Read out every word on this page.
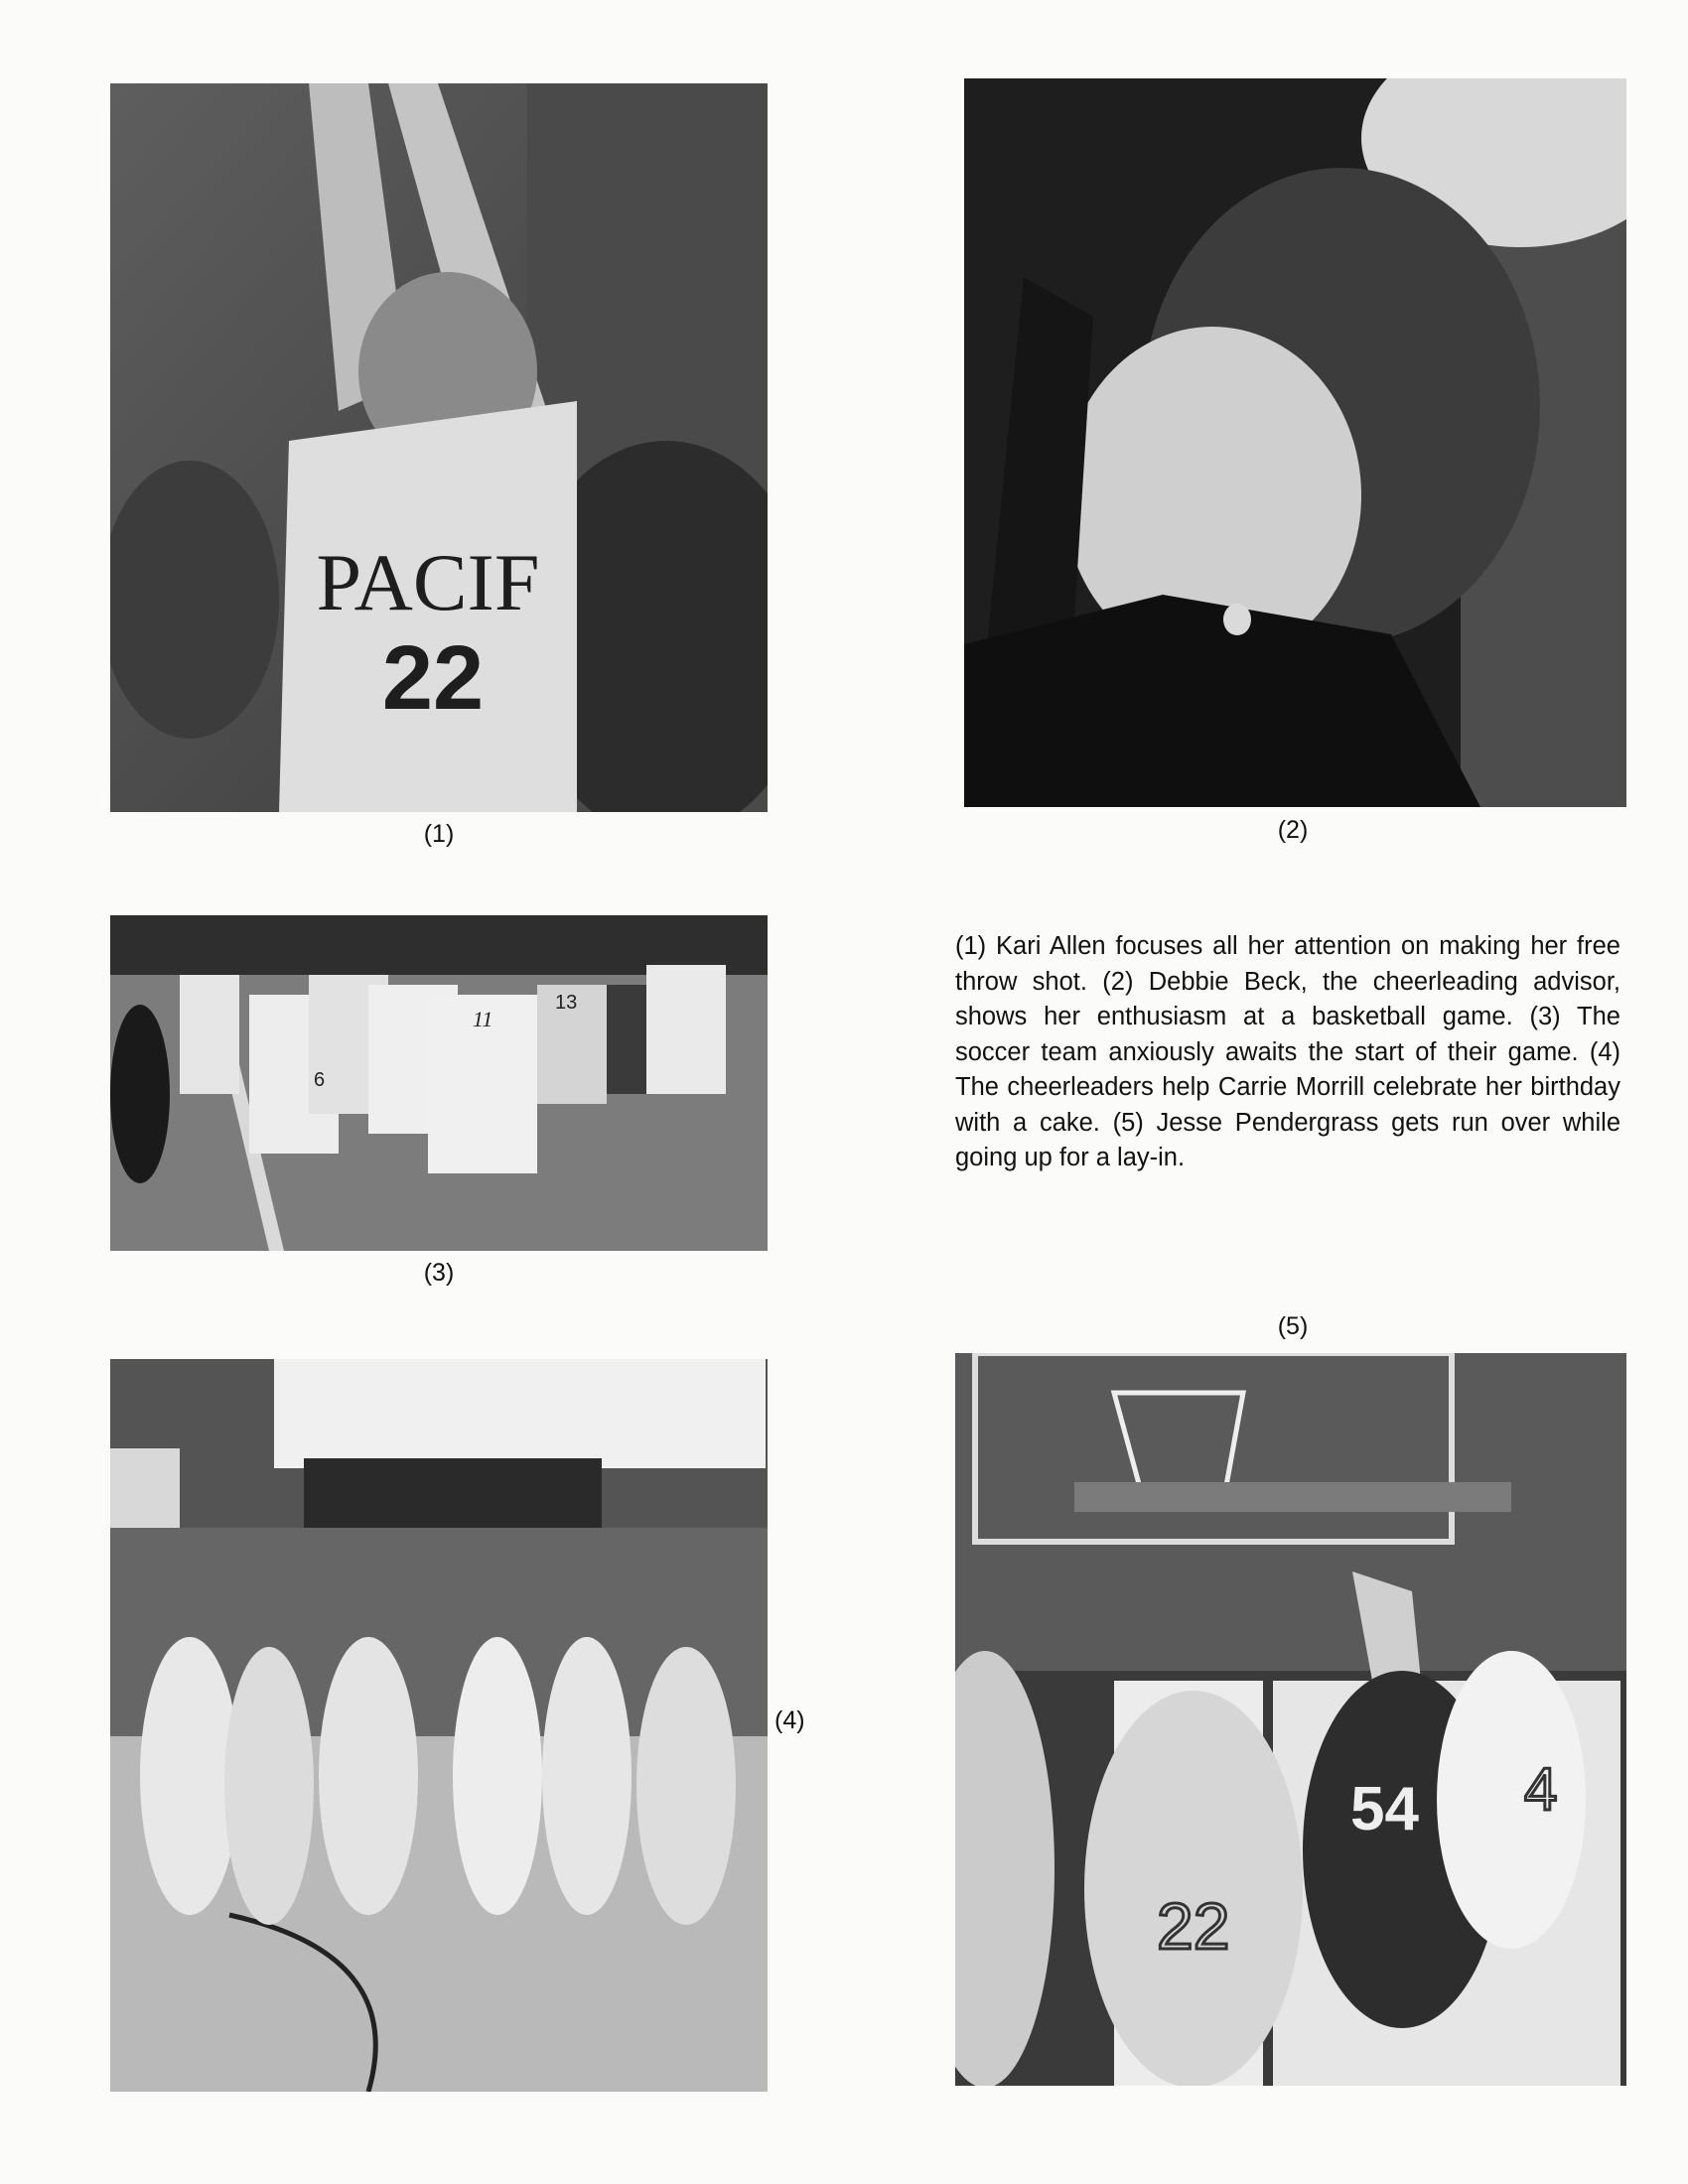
PACIF
22
(1)	(2)
6
11
13
(3)
(1) Kari Allen focuses all her attention on making her free throw shot. (2) Debbie Beck, the cheerleading advisor, shows her enthusiasm at a basketball game. (3) The soccer team anxiously awaits the start of their game. (4) The cheerleaders help Carrie Morrill celebrate her birthday with a cake. (5) Jesse Pendergrass gets run over while going up for a lay-in.
(4)
(5)
54
22
4
